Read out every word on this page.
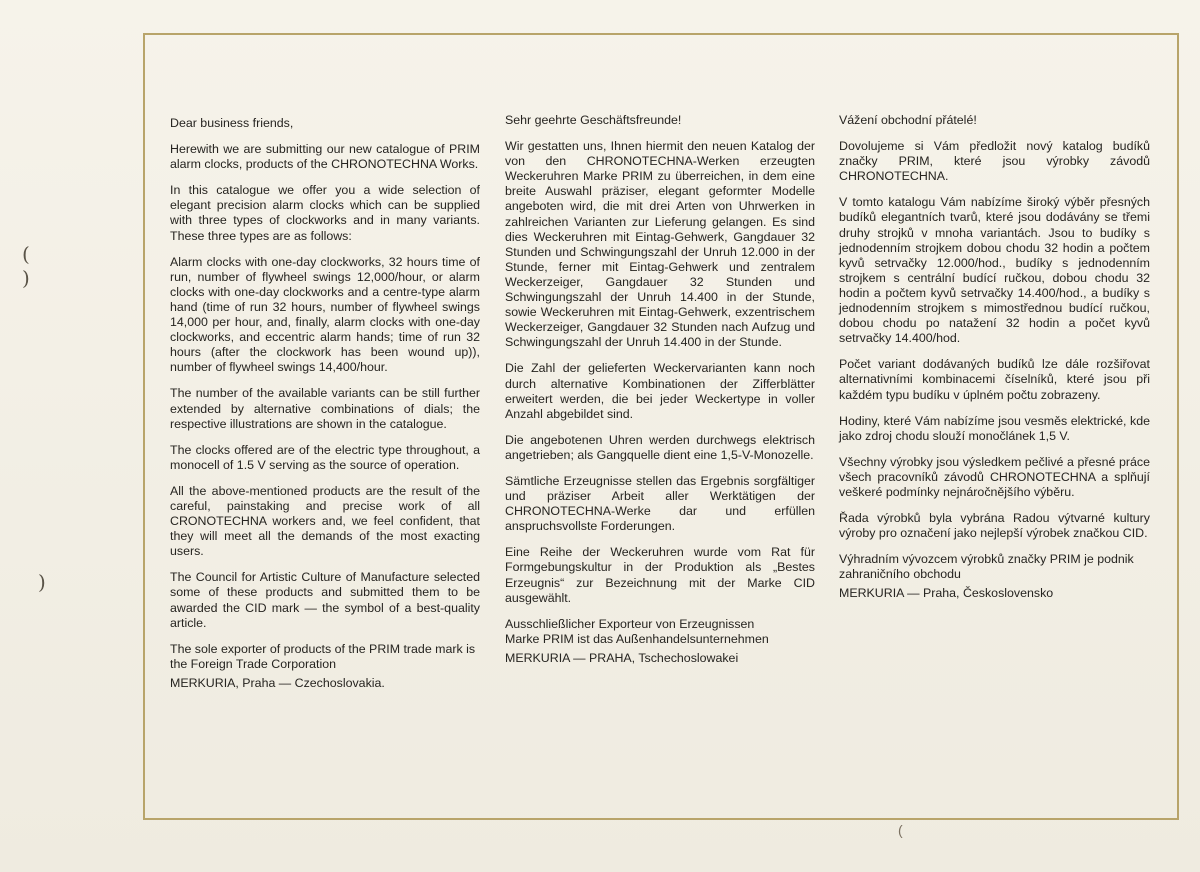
( )
)

Dear business friends,

Herewith we are submitting our new catalogue of PRIM alarm clocks, products of the CHRONOTECHNA Works.

In this catalogue we offer you a wide selection of elegant precision alarm clocks which can be supplied with three types of clockworks and in many variants. These three types are as follows:

Alarm clocks with one-day clockworks, 32 hours time of run, number of flywheel swings 12,000/hour, or alarm clocks with one-day clockworks and a centre-type alarm hand (time of run 32 hours, number of flywheel swings 14,000 per hour, and, finally, alarm clocks with one-day clockworks, and eccentric alarm hands; time of run 32 hours (after the clockwork has been wound up)), number of flywheel swings 14,400/hour.

The number of the available variants can be still further extended by alternative combinations of dials; the respective illustrations are shown in the catalogue.

The clocks offered are of the electric type throughout, a monocell of 1.5 V serving as the source of operation.

All the above-mentioned products are the result of the careful, painstaking and precise work of all CRONOTECHNA workers and, we feel confident, that they will meet all the demands of the most exacting users.

The Council for Artistic Culture of Manufacture selected some of these products and submitted them to be awarded the CID mark — the symbol of a best-quality article.

The sole exporter of products of the PRIM trade mark is the Foreign Trade Corporation

MERKURIA, Praha — Czechoslovakia.

Sehr geehrte Geschäftsfreunde!

Wir gestatten uns, Ihnen hiermit den neuen Katalog der von den CHRONOTECHNA-Werken erzeugten Weckeruhren Marke PRIM zu überreichen, in dem eine breite Auswahl präziser, elegant geformter Modelle angeboten wird, die mit drei Arten von Uhrwerken in zahlreichen Varianten zur Lieferung gelangen. Es sind dies Weckeruhren mit Eintag-Gehwerk, Gangdauer 32 Stunden und Schwingungszahl der Unruh 12.000 in der Stunde, ferner mit Eintag-Gehwerk und zentralem Weckerzeiger, Gangdauer 32 Stunden und Schwingungszahl der Unruh 14.400 in der Stunde, sowie Weckeruhren mit Eintag-Gehwerk, exzentrischem Weckerzeiger, Gangdauer 32 Stunden nach Aufzug und Schwingungszahl der Unruh 14.400 in der Stunde.

Die Zahl der gelieferten Weckervarianten kann noch durch alternative Kombinationen der Zifferblätter erweitert werden, die bei jeder Weckertype in voller Anzahl abgebildet sind.

Die angebotenen Uhren werden durchwegs elektrisch angetrieben; als Gangquelle dient eine 1,5-V-Monozelle.

Sämtliche Erzeugnisse stellen das Ergebnis sorgfältiger und präziser Arbeit aller Werktätigen der CHRONOTECHNA-Werke dar und erfüllen anspruchsvollste Forderungen.

Eine Reihe der Weckeruhren wurde vom Rat für Formgebungskultur in der Produktion als „Bestes Erzeugnis“ zur Bezeichnung mit der Marke CID ausgewählt.

Ausschließlicher Exporteur von Erzeugnissen

Marke PRIM ist das Außenhandelsunternehmen

MERKURIA — PRAHA, Tschechoslowakei

Vážení obchodní přátelé!

Dovolujeme si Vám předložit nový katalog budíků značky PRIM, které jsou výrobky závodů CHRONOTECHNA.

V tomto katalogu Vám nabízíme široký výběr přesných budíků elegantních tvarů, které jsou dodávány se třemi druhy strojků v mnoha variantách. Jsou to budíky s jednodenním strojkem dobou chodu 32 hodin a počtem kyvů setrvačky 12.000/hod., budíky s jednodenním strojkem s centrální budící ručkou, dobou chodu 32 hodin a počtem kyvů setrvačky 14.400/hod., a budíky s jednodenním strojkem s mimostřednou budící ručkou, dobou chodu po natažení 32 hodin a počet kyvů setrvačky 14.400/hod.

Počet variant dodávaných budíků lze dále rozšiřovat alternativními kombinacemi číselníků, které jsou při každém typu budíku v úplném počtu zobrazeny.

Hodiny, které Vám nabízíme jsou vesměs elektrické, kde jako zdroj chodu slouží monočlánek 1,5 V.

Všechny výrobky jsou výsledkem pečlivé a přesné práce všech pracovníků závodů CHRONOTECHNA a splňují veškeré podmínky nejnáročnějšího výběru.

Řada výrobků byla vybrána Radou výtvarné kultury výroby pro označení jako nejlepší výrobek značkou CID.

Výhradním vývozcem výrobků značky PRIM je podnik zahraničního obchodu

MERKURIA — Praha, Československo

(
